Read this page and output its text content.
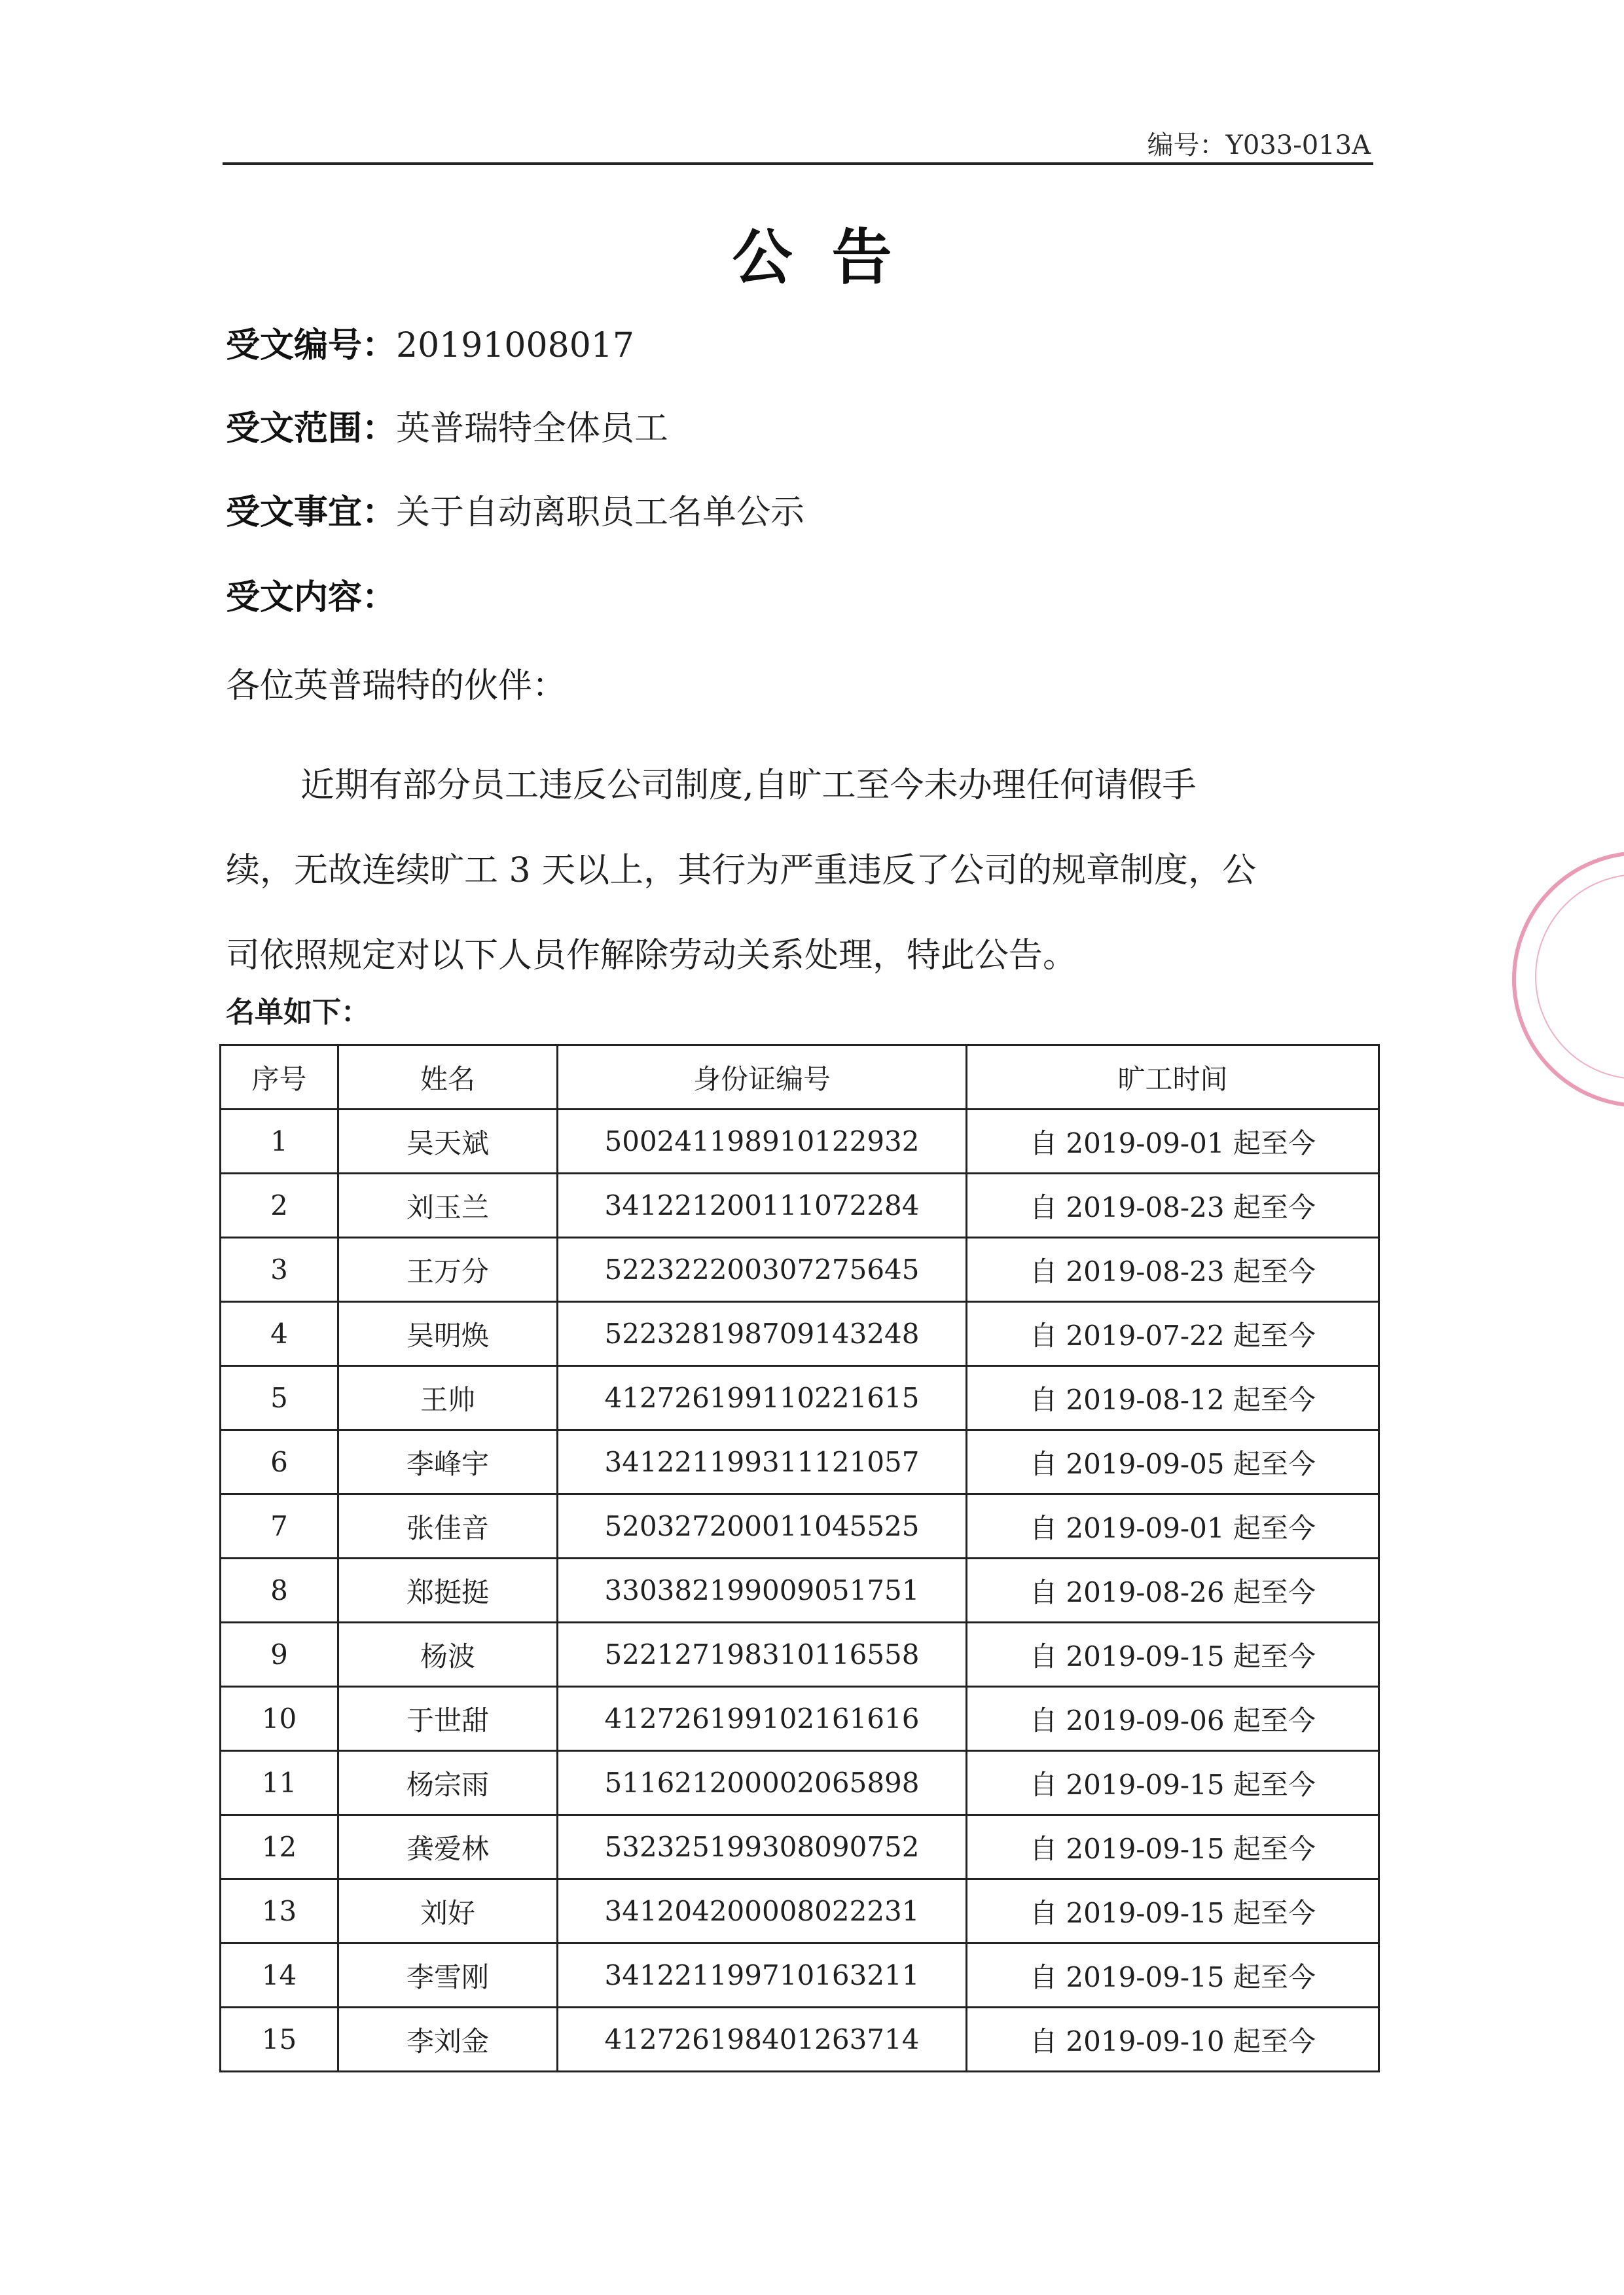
编号：Y033-013A
公告
受文编号：20191008017
受文范围：英普瑞特全体员工
受文事宜：关于自动离职员工名单公示
受文内容：
各位英普瑞特的伙伴：
近期有部分员工违反公司制度,自旷工至今未办理任何请假手
续，无故连续旷工 3 天以上，其行为严重违反了公司的规章制度，公
司依照规定对以下人员作解除劳动关系处理，特此公告。
名单如下：
序号	姓名	身份证编号	旷工时间
1	吴天斌	500241198910122932	自 2019-09-01 起至今
2	刘玉兰	341221200111072284	自 2019-08-23 起至今
3	王万分	522322200307275645	自 2019-08-23 起至今
4	吴明焕	522328198709143248	自 2019-07-22 起至今
5	王帅	412726199110221615	自 2019-08-12 起至今
6	李峰宇	341221199311121057	自 2019-09-05 起至今
7	张佳音	520327200011045525	自 2019-09-01 起至今
8	郑挺挺	330382199009051751	自 2019-08-26 起至今
9	杨波	522127198310116558	自 2019-09-15 起至今
10	于世甜	412726199102161616	自 2019-09-06 起至今
11	杨宗雨	511621200002065898	自 2019-09-15 起至今
12	龚爱林	532325199308090752	自 2019-09-15 起至今
13	刘好	341204200008022231	自 2019-09-15 起至今
14	李雪刚	341221199710163211	自 2019-09-15 起至今
15	李刘金	412726198401263714	自 2019-09-10 起至今
